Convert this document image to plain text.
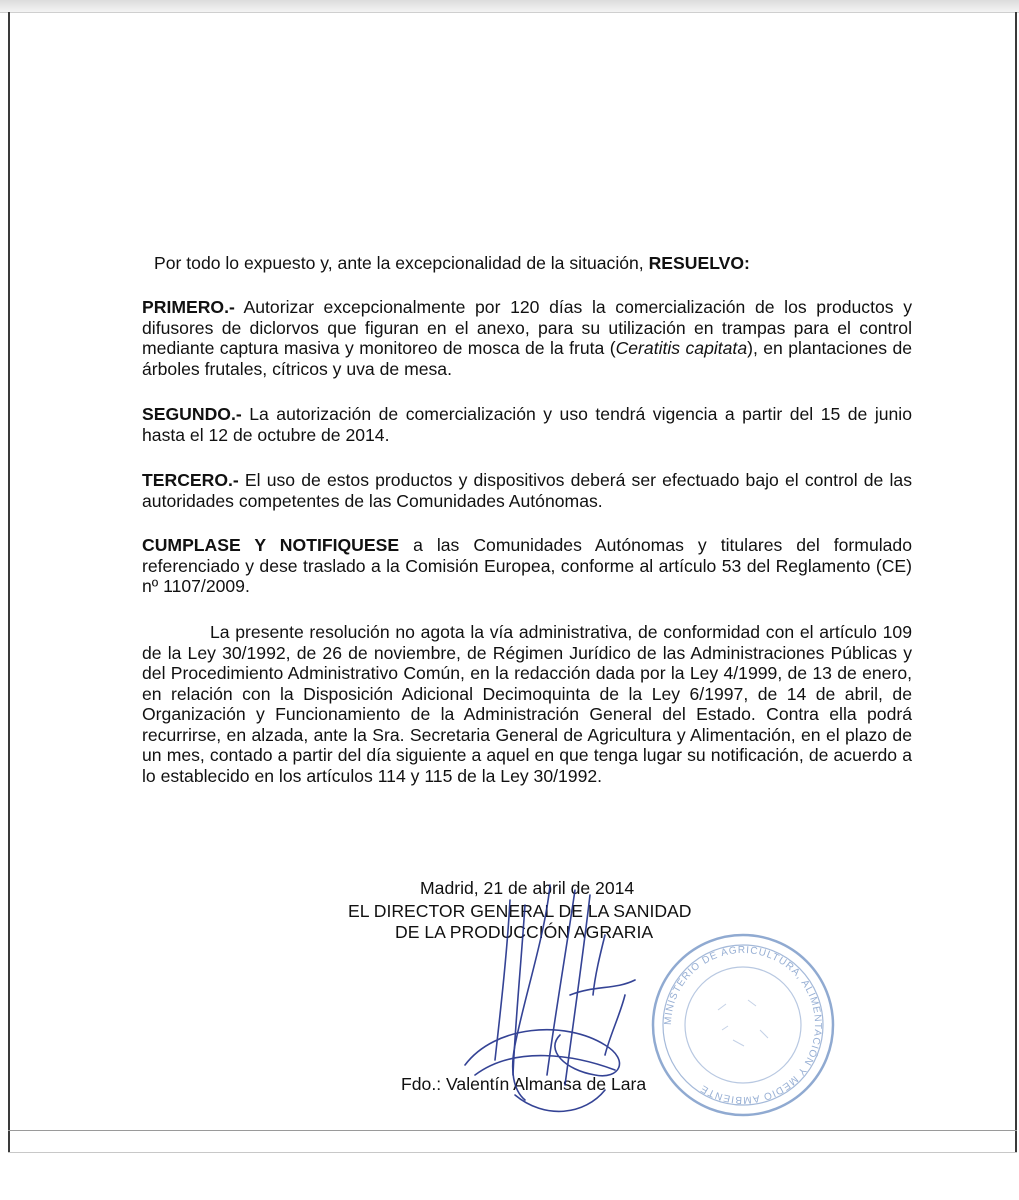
Por todo lo expuesto y, ante la excepcionalidad de la situación, RESUELVO:
PRIMERO.- Autorizar excepcionalmente por 120 días la comercialización de los productos y difusores de diclorvos que figuran en el anexo, para su utilización en trampas para el control mediante captura masiva y monitoreo de mosca de la fruta (Ceratitis capitata), en plantaciones de árboles frutales, cítricos y uva de mesa.
SEGUNDO.- La autorización de comercialización y uso tendrá vigencia a partir del 15 de junio hasta el 12 de octubre de 2014.
TERCERO.- El uso de estos productos y dispositivos deberá ser efectuado bajo el control de las autoridades competentes de las Comunidades Autónomas.
CUMPLASE Y NOTIFIQUESE a las Comunidades Autónomas y titulares del formulado referenciado y dese traslado a la Comisión Europea, conforme al artículo 53 del Reglamento (CE) nº 1107/2009.
La presente resolución no agota la vía administrativa, de conformidad con el artículo 109 de la Ley 30/1992, de 26 de noviembre, de Régimen Jurídico de las Administraciones Públicas y del Procedimiento Administrativo Común, en la redacción dada por la Ley 4/1999, de 13 de enero, en relación con la Disposición Adicional Decimoquinta de la Ley 6/1997, de 14 de abril, de Organización y Funcionamiento de la Administración General del Estado. Contra ella podrá recurrirse, en alzada, ante la Sra. Secretaria General de Agricultura y Alimentación, en el plazo de un mes, contado a partir del día siguiente a aquel en que tenga lugar su notificación, de acuerdo a lo establecido en los artículos 114 y 115 de la Ley 30/1992.
MINISTERIO DE AGRICULTURA, ALIMENTACIÓN Y MEDIO AMBIENTE
Madrid, 21 de abril de 2014
EL DIRECTOR GENERAL DE LA SANIDAD
DE LA PRODUCCIÓN AGRARIA
Fdo.: Valentín Almansa de Lara
